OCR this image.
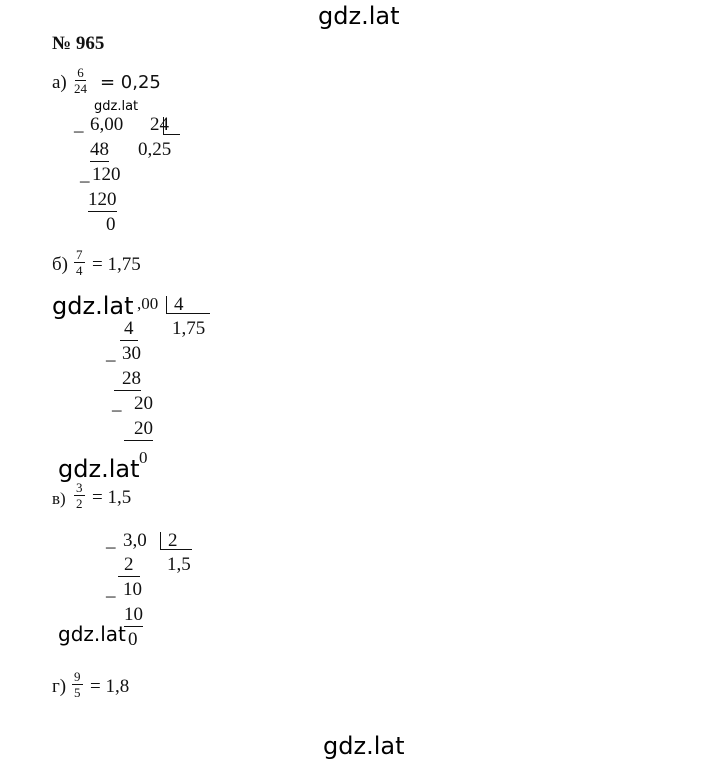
gdz.lat
№ 965
$а) \frac{6}{24} = 0,25$
gdz.lat
_ 6,00 24
0,25
48
_ 120
120
0
$б) \frac{7}{4} = 1,75$
gdz.lat ,00 4
1,75
4
_ 30
28
_ 20
20
gdz.lat 0
$в) \frac{3}{2} = 1,5$
_ 3,0 2
1,5
2
_ 10
gdz.lat
10
0
$г) \frac{9}{5} = 1,8$
gdz.lat
